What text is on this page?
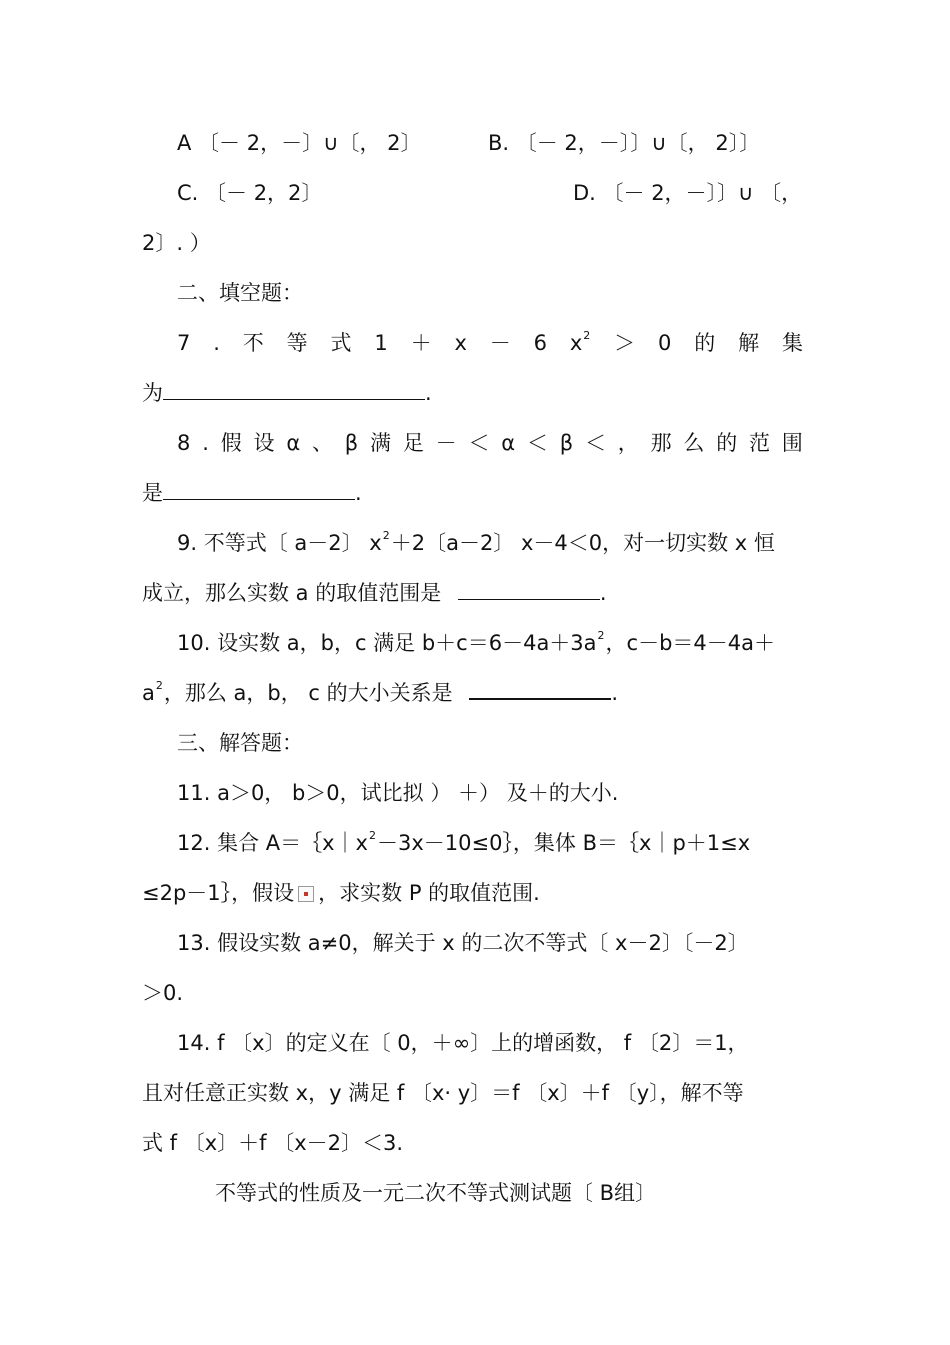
A 〔－ 2，－〕∪〔， 2〕	B. 〔－ 2，－〕〕∪〔， 2〕〕
C. 〔－ 2，2〕	D. 〔－ 2，－〕〕∪ 〔，
2〕. ）
二、填空题：
7 . 不 等 式 1 ＋ x － 6 $x^2 > 0$ 的 解 集
为	.
8 . 假 设 α 、 β 满 足 － ＜ α ＜ β ＜ ， 那 么 的 范 围
是	.
9. 不等式〔 a－2〕 $x^2+2$〔a－2〕 x－4＜0，对一切实数 x 恒
成立，那么实数 a 的取值范围是	.
10. 设实数 a，b，c 满足 $b+c=6-4a+3a^2$，c－b＝4－4a＋
$a^2$，那么 a，b， c 的大小关系是	.
三、解答题：
11. a＞0， b＞0，试比拟 ） ＋） 及＋的大小.
12. 集合 $A=\{x|x^2-3x-10\le 0\}$，集体 B＝｛x｜p＋1≤x
≤2p－1｝，假设 ，求实数 P 的取值范围.
13. 假设实数 a≠0，解关于 x 的二次不等式〔 x－2〕〔－2〕
＞0.
14. f 〔x〕的定义在〔 0，＋∞〕上的增函数， f 〔2〕＝1，
且对任意正实数 x，y 满足 f 〔x· y〕＝f 〔x〕＋f 〔y〕，解不等
式 f 〔x〕＋f 〔x－2〕＜3.
不等式的性质及一元二次不等式测试题〔 B组〕
